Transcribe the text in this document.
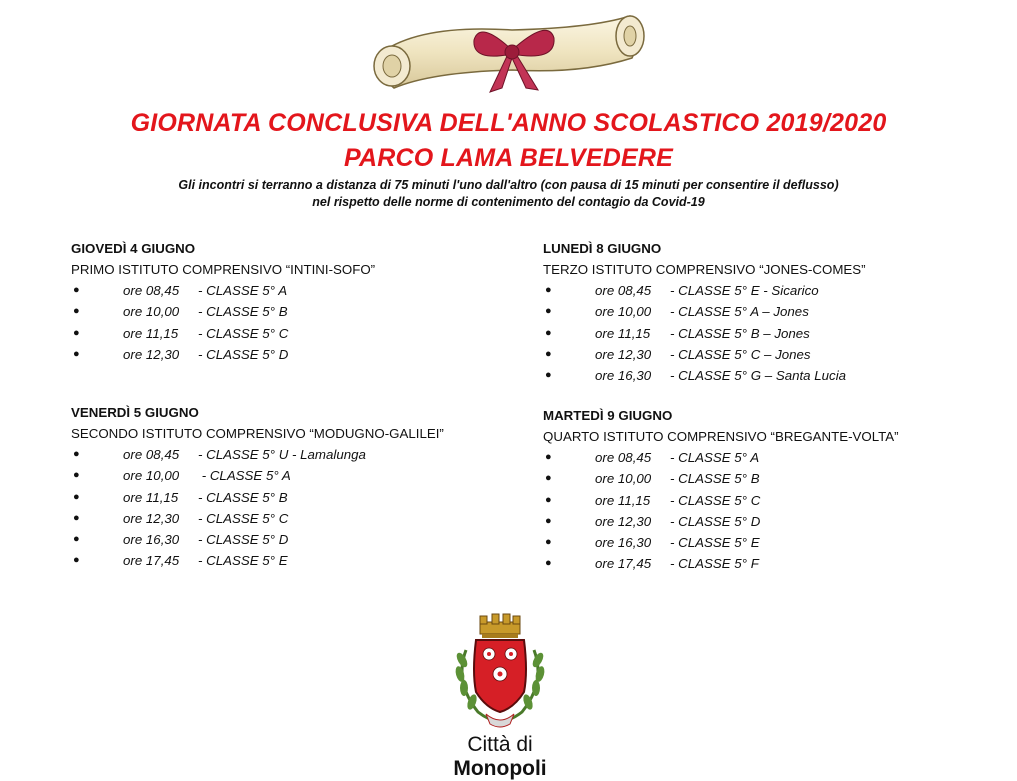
GIORNATA CONCLUSIVA DELL'ANNO SCOLASTICO 2019/2020
PARCO LAMA BELVEDERE

Gli incontri si terranno a distanza di 75 minuti l'uno dall'altro (con pausa di 15 minuti per consentire il deflusso)

nel rispetto delle norme di contenimento del contagio da Covid-19

GIOVEDÌ 4 GIUGNO

PRIMO ISTITUTO COMPRENSIVO “INTINI-SOFO”

●	ore 08,45 - CLASSE 5° A
●	ore 10,00 - CLASSE 5° B
●	ore 11,15 - CLASSE 5° C
●	ore 12,30 - CLASSE 5° D

VENERDÌ 5 GIUGNO

SECONDO ISTITUTO COMPRENSIVO “MODUGNO-GALILEI”

●	ore 08,45 - CLASSE 5° U - Lamalunga
●	ore 10,00 - CLASSE 5° A
●	ore 11,15 - CLASSE 5° B
●	ore 12,30 - CLASSE 5° C
●	ore 16,30 - CLASSE 5° D
●	ore 17,45 - CLASSE 5° E

LUNEDÌ 8 GIUGNO

TERZO ISTITUTO COMPRENSIVO “JONES-COMES”

●	ore 08,45 - CLASSE 5° E - Sicarico
●	ore 10,00 - CLASSE 5° A – Jones
●	ore 11,15 - CLASSE 5° B – Jones
●	ore 12,30 - CLASSE 5° C – Jones
●	ore 16,30 - CLASSE 5° G – Santa Lucia

MARTEDÌ 9 GIUGNO

QUARTO ISTITUTO COMPRENSIVO “BREGANTE-VOLTA”

●	ore 08,45 - CLASSE 5° A
●	ore 10,00 - CLASSE 5° B
●	ore 11,15 - CLASSE 5° C
●	ore 12,30 - CLASSE 5° D
●	ore 16,30 - CLASSE 5° E
●	ore 17,45 - CLASSE 5° F
Città di Monopoli
